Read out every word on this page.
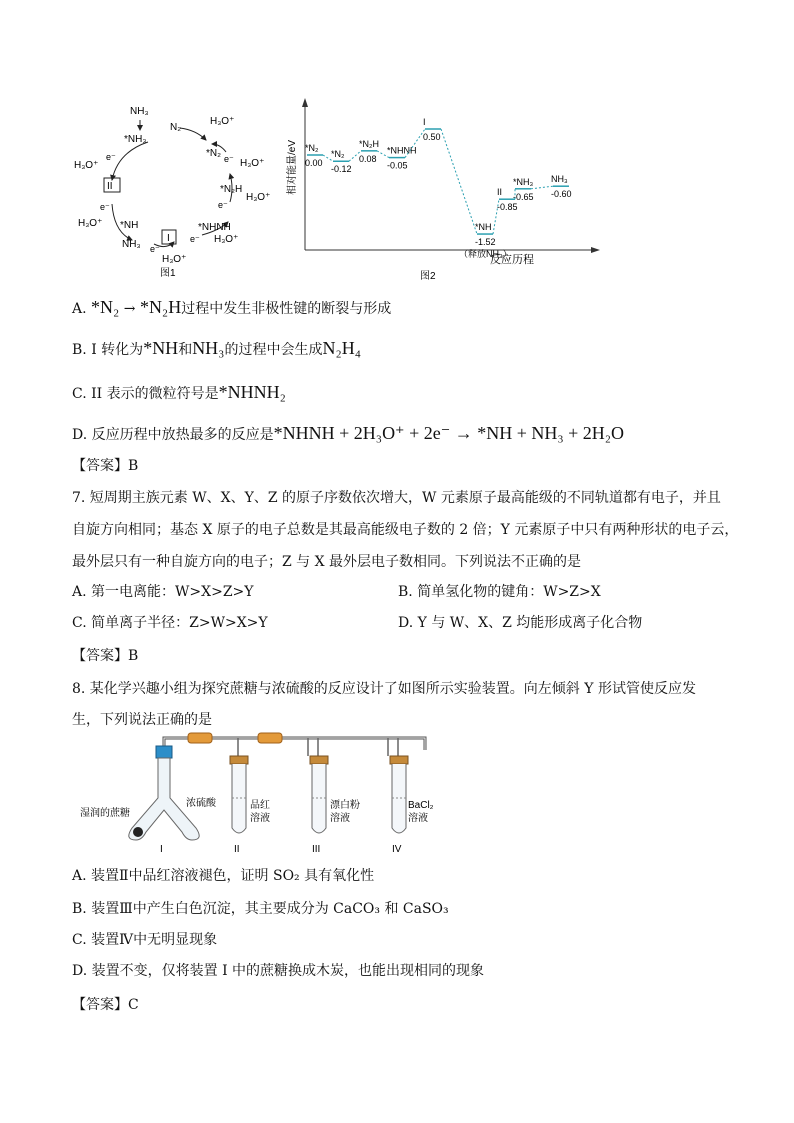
II
I
NH₃
*NH₃
N₂
*N₂
*N₂H
*NHNH
*NH
NH₃
H₃O⁺
H₃O⁺
H₃O⁺
H₃O⁺
H₃O⁺
H₃O⁺
H₃O⁺
e⁻
e⁻
e⁻
e⁻
e⁻
e⁻
图1
相对能量/eV
反应历程
图2
*N₂
0.00
*N₂
-0.12
*N₂H
0.08
*NHNH
-0.05
I
0.50
*NH
-1.52
II
-0.85
*NH₃
-0.65
NH₃
-0.60
（释放NH₃）
A. *N₂ → *N₂H过程中发生非极性键的断裂与形成
B. I 转化为*NH和NH₃的过程中会生成N₂H₄
C. II 表示的微粒符号是*NHNH₂
D. 反应历程中放热最多的反应是*NHNH + 2H₃O⁺ + 2e⁻ → *NH + NH₃ + 2H₂O
【答案】B
7. 短周期主族元素 W、X、Y、Z 的原子序数依次增大，W 元素原子最高能级的不同轨道都有电子，并且
自旋方向相同；基态 X 原子的电子总数是其最高能级电子数的 2 倍；Y 元素原子中只有两种形状的电子云，
最外层只有一种自旋方向的电子；Z 与 X 最外层电子数相同。下列说法不正确的是
A. 第一电离能：W>X>Z>Y	B. 简单氢化物的键角：W>Z>X
C. 简单离子半径：Z>W>X>Y	D. Y 与 W、X、Z 均能形成离子化合物
【答案】B
8. 某化学兴趣小组为探究蔗糖与浓硫酸的反应设计了如图所示实验装置。向左倾斜 Y 形试管使反应发
生，下列说法正确的是
湿润的蔗糖
浓硫酸	品红
溶液
漂白粉
溶液
BaCl₂
溶液
I	II	III	IV
A. 装置Ⅱ中品红溶液褪色，证明 SO₂ 具有氧化性
B. 装置Ⅲ中产生白色沉淀，其主要成分为 CaCO₃ 和 CaSO₃
C. 装置Ⅳ中无明显现象
D. 装置不变，仅将装置 I 中的蔗糖换成木炭，也能出现相同的现象
【答案】C
